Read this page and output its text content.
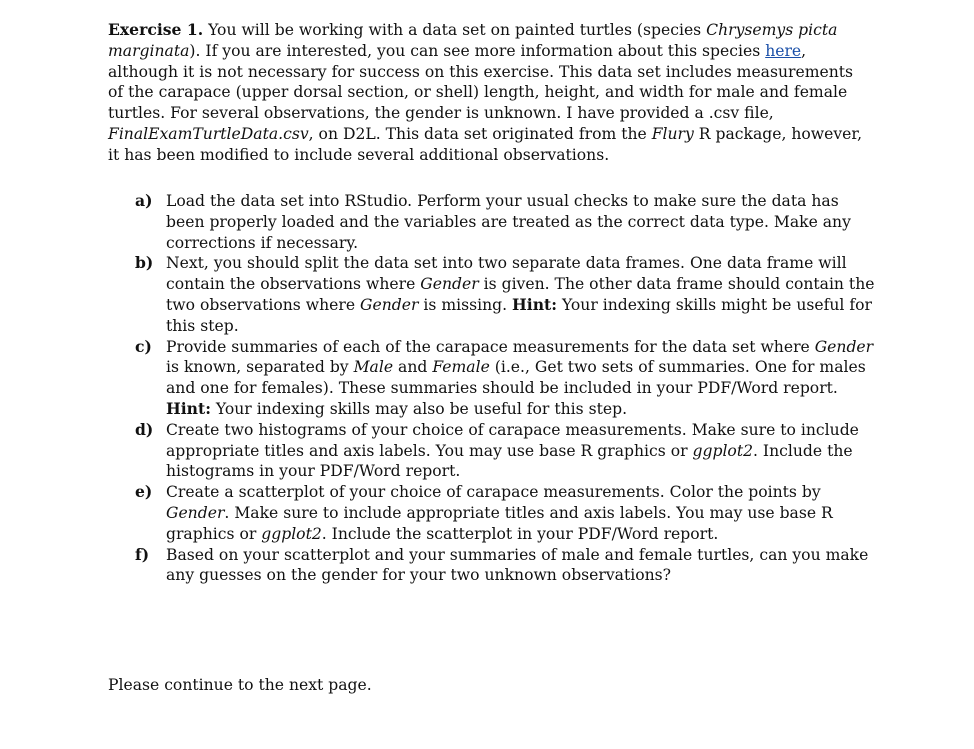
Exercise 1. You will be working with a data set on painted turtles (species Chrysemys picta marginata). If you are interested, you can see more information about this species here, although it is not necessary for success on this exercise. This data set includes measurements of the carapace (upper dorsal section, or shell) length, height, and width for male and female turtles. For several observations, the gender is unknown. I have provided a .csv file, FinalExamTurtleData.csv, on D2L. This data set originated from the Flury R package, however, it has been modified to include several additional observations.

a) Load the data set into RStudio. Perform your usual checks to make sure the data has been properly loaded and the variables are treated as the correct data type. Make any corrections if necessary.
b) Next, you should split the data set into two separate data frames. One data frame will contain the observations where Gender is given. The other data frame should contain the two observations where Gender is missing. Hint: Your indexing skills might be useful for this step.
c) Provide summaries of each of the carapace measurements for the data set where Gender is known, separated by Male and Female (i.e., Get two sets of summaries. One for males and one for females). These summaries should be included in your PDF/Word report.
Hint: Your indexing skills may also be useful for this step.
d) Create two histograms of your choice of carapace measurements. Make sure to include appropriate titles and axis labels. You may use base R graphics or ggplot2. Include the histograms in your PDF/Word report.
e) Create a scatterplot of your choice of carapace measurements. Color the points by Gender. Make sure to include appropriate titles and axis labels. You may use base R graphics or ggplot2. Include the scatterplot in your PDF/Word report.
f) Based on your scatterplot and your summaries of male and female turtles, can you make any guesses on the gender for your two unknown observations?

Please continue to the next page.
